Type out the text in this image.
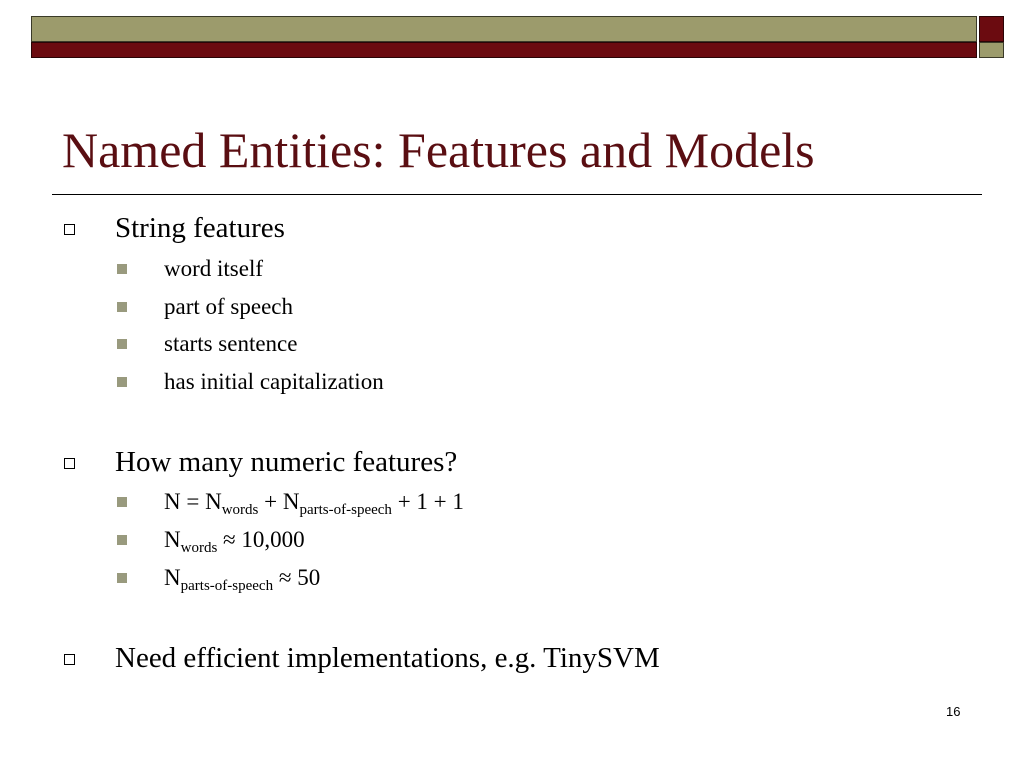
Named Entities: Features and Models
String features
word itself
part of speech
starts sentence
has initial capitalization
How many numeric features?
$N = N_{words} + N_{parts-of-speech} + 1 + 1$
$N_{words} \approx 10,000$
$N_{parts-of-speech} \approx 50$
Need efficient implementations, e.g. TinySVM
16
